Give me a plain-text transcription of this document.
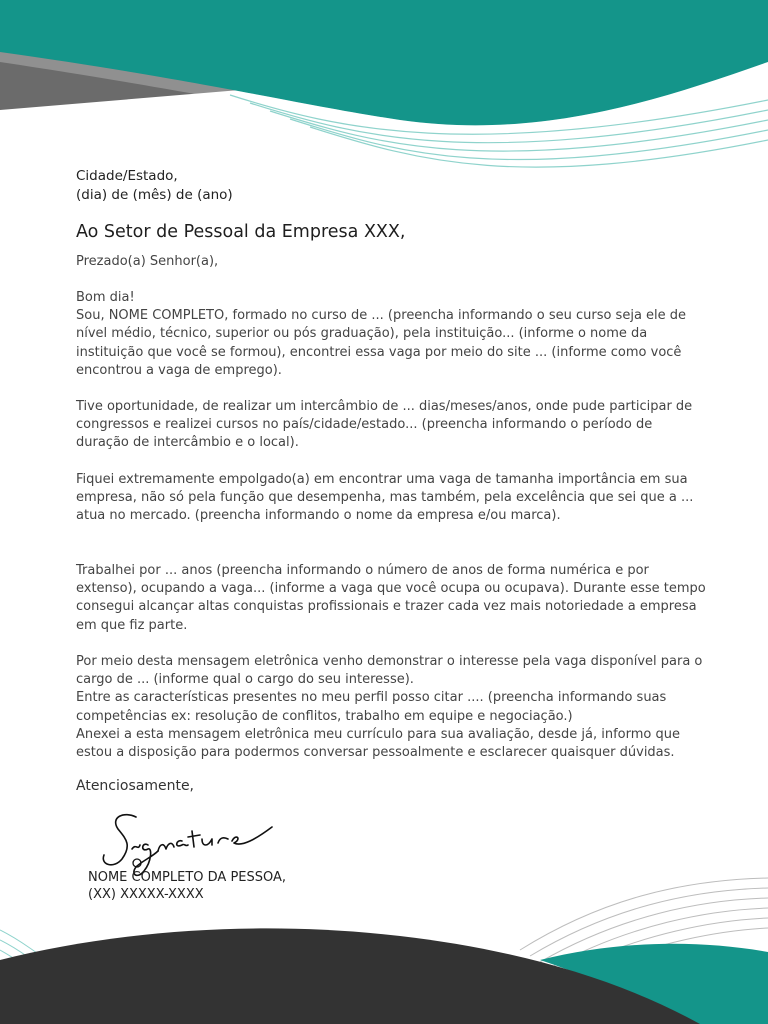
Cidade/Estado,
(dia) de (mês) de (ano)
Ao Setor de Pessoal da Empresa XXX,
Prezado(a) Senhor(a),

Bom dia!
Sou, NOME COMPLETO, formado no curso de ... (preencha informando o seu curso seja ele de nível médio, técnico, superior ou pós graduação), pela instituição... (informe o nome da instituição que você se formou), encontrei essa vaga por meio do site ... (informe como você encontrou a vaga de emprego).

Tive oportunidade, de realizar um intercâmbio de ... dias/meses/anos, onde pude participar de congressos e realizei cursos no país/cidade/estado... (preencha informando o período de duração de intercâmbio e o local).

Fiquei extremamente empolgado(a) em encontrar uma vaga de tamanha importância em sua empresa, não só pela função que desempenha, mas também, pela excelência que sei que a ... atua no mercado. (preencha informando o nome da empresa e/ou marca).

Trabalhei por ... anos (preencha informando o número de anos de forma numérica e por extenso), ocupando a vaga... (informe a vaga que você ocupa ou ocupava). Durante esse tempo consegui alcançar altas conquistas profissionais e trazer cada vez mais notoriedade a empresa em que fiz parte.

Por meio desta mensagem eletrônica venho demonstrar o interesse pela vaga disponível para o cargo de ... (informe qual o cargo do seu interesse).
Entre as características presentes no meu perfil posso citar .... (preencha informando suas competências ex: resolução de conflitos, trabalho em equipe e negociação.)
Anexei a esta mensagem eletrônica meu currículo para sua avaliação, desde já, informo que estou a disposição para podermos conversar pessoalmente e esclarecer quaisquer dúvidas.

Atenciosamente,
NOME COMPLETO DA PESSOA,
(XX) XXXXX-XXXX
